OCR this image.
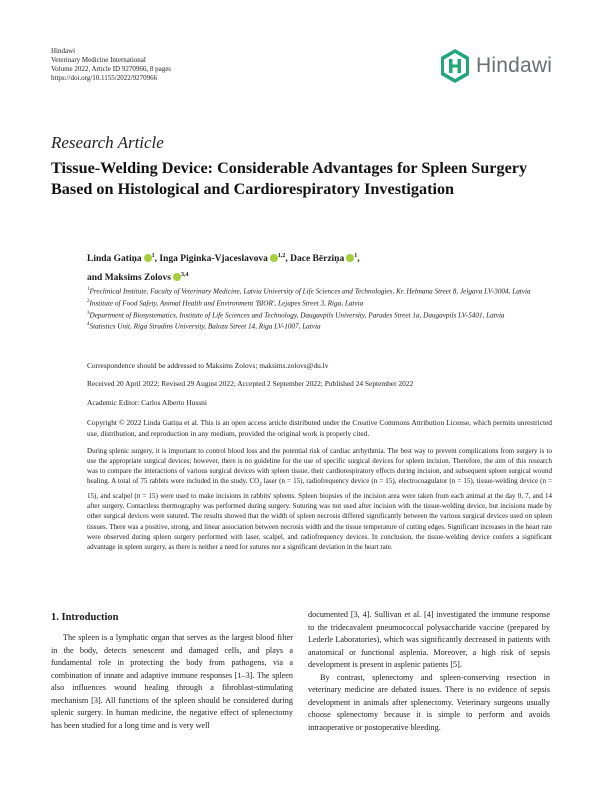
Hindawi
Veterinary Medicine International
Volume 2022, Article ID 9270966, 8 pages
https://doi.org/10.1155/2022/9270966
Hindawi
Research Article
Tissue-Welding Device: Considerable Advantages for Spleen Surgery Based on Histological and Cardiorespiratory Investigation
Linda Gatiņa $^1$, Inga Piginka-Vjaceslavova $^{1,2}$, Dace Bērziņa $^1$,
and Maksims Zolovs $^{3,4}$

$^1$Preclinical Institute, Faculty of Veterinary Medicine, Latvia University of Life Sciences and Technologies, Kr. Helmana Street 8, Jelgava LV-3004, Latvia

$^2$Institute of Food Safety, Animal Health and Environment 'BIOR', Lejupes Street 3, Riga, Latvia

$^3$Department of Biosystematics, Institute of Life Sciences and Technology, Daugavpils University, Parades Street 1a, Daugavpils LV-5401, Latvia

$^4$Statistics Unit, Riga Stradins University, Balozu Street 14, Riga LV-1007, Latvia

Correspondence should be addressed to Maksims Zolovs; maksims.zolovs@du.lv
Received 20 April 2022; Revised 29 August 2022; Accepted 2 September 2022; Published 24 September 2022
Academic Editor: Carlos Alberto Hussni
Copyright © 2022 Linda Gatiņa et al. This is an open access article distributed under the Creative Commons Attribution License, which permits unrestricted use, distribution, and reproduction in any medium, provided the original work is properly cited.
During splenic surgery, it is important to control blood loss and the potential risk of cardiac arrhythmia. The best way to prevent complications from surgery is to use the appropriate surgical devices; however, there is no guideline for the use of specific surgical devices for spleen incision. Therefore, the aim of this research was to compare the interactions of various surgical devices with spleen tissue, their cardiorespiratory effects during incision, and subsequent spleen surgical wound healing. A total of 75 rabbits were included in the study. $CO_2$ laser (n = 15), radiofrequency device (n = 15), electrocoagulator (n = 15), tissue-welding device (n = 15), and scalpel (n = 15) were used to make incisions in rabbits' spleens. Spleen biopsies of the incision area were taken from each animal at the day 0, 7, and 14 after surgery. Contactless thermography was performed during surgery. Suturing was not used after incision with the tissue-welding device, but incisions made by other surgical devices were sutured. The results showed that the width of spleen necrosis differed significantly between the various surgical devices used on spleen tissues. There was a positive, strong, and linear association between necrosis width and the tissue temperature of cutting edges. Significant increases in the heart rate were observed during spleen surgery performed with laser, scalpel, and radiofrequency devices. In conclusion, the tissue-welding device confers a significant advantage in spleen surgery, as there is neither a need for sutures nor a significant deviation in the heart rate.
1. Introduction

The spleen is a lymphatic organ that serves as the largest blood filter in the body, detects senescent and damaged cells, and plays a fundamental role in protecting the body from pathogens, via a combination of innate and adaptive immune responses [1–3]. The spleen also influences wound healing through a fibroblast-stimulating mechanism [3]. All functions of the spleen should be considered during splenic surgery. In human medicine, the negative effect of splenectomy has been studied for a long time and is very well

documented [3, 4]. Sullivan et al. [4] investigated the immune response to the tridecavalent pneumococcal polysaccharide vaccine (prepared by Lederle Laboratories), which was significantly decreased in patients with anatomical or functional asplenia. Moreover, a high risk of sepsis development is present in asplenic patients [5].

By contrast, splenectomy and spleen-conserving resection in veterinary medicine are debated issues. There is no evidence of sepsis development in animals after splenectomy. Veterinary surgeons usually choose splenectomy because it is simple to perform and avoids intraoperative or postoperative bleeding.
